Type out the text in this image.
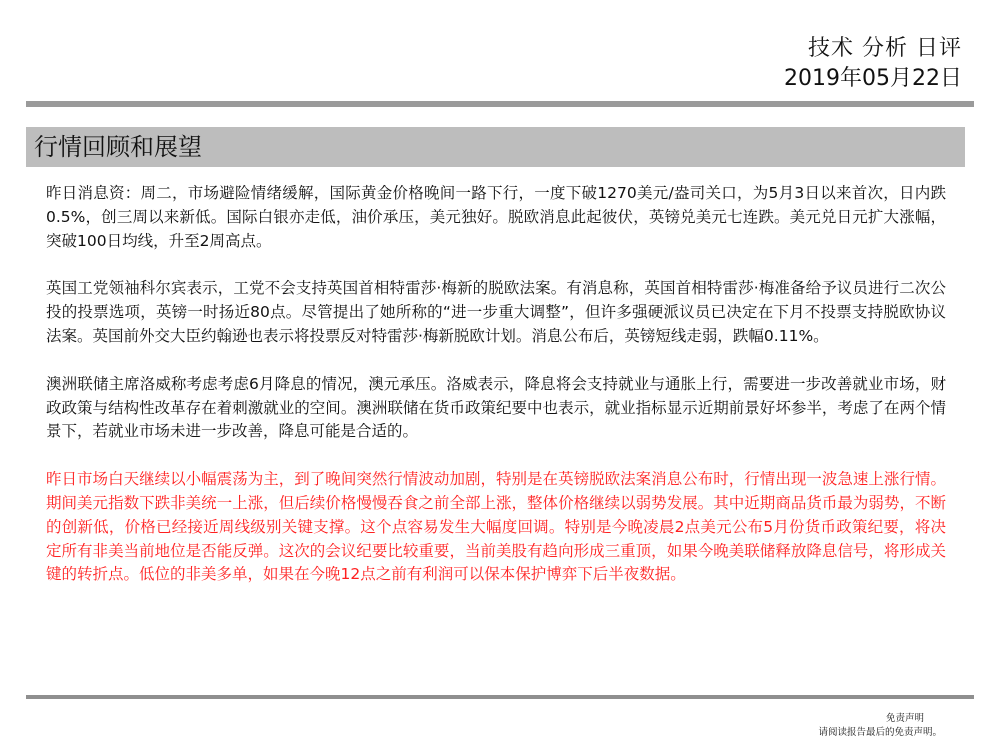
技术 分析 日评
2019年05月22日
行情回顾和展望

昨日消息资：周二，市场避险情绪缓解，国际黄金价格晚间一路下行，一度下破1270美元/盎司关口，为5月3日以来首次，日内跌0.5%，创三周以来新低。国际白银亦走低，油价承压，美元独好。脱欧消息此起彼伏，英镑兑美元七连跌。美元兑日元扩大涨幅，突破100日均线，升至2周高点。

英国工党领袖科尔宾表示，工党不会支持英国首相特雷莎·梅新的脱欧法案。有消息称，英国首相特雷莎·梅准备给予议员进行二次公投的投票选项，英镑一时扬近80点。尽管提出了她所称的“进一步重大调整”，但许多强硬派议员已决定在下月不投票支持脱欧协议法案。英国前外交大臣约翰逊也表示将投票反对特雷莎·梅新脱欧计划。消息公布后，英镑短线走弱，跌幅0.11%。

澳洲联储主席洛威称考虑考虑6月降息的情况，澳元承压。洛威表示，降息将会支持就业与通胀上行，需要进一步改善就业市场，财政政策与结构性改革存在着刺激就业的空间。澳洲联储在货币政策纪要中也表示，就业指标显示近期前景好坏参半，考虑了在两个情景下，若就业市场未进一步改善，降息可能是合适的。

昨日市场白天继续以小幅震荡为主，到了晚间突然行情波动加剧，特别是在英镑脱欧法案消息公布时，行情出现一波急速上涨行情。期间美元指数下跌非美统一上涨，但后续价格慢慢吞食之前全部上涨，整体价格继续以弱势发展。其中近期商品货币最为弱势，不断的创新低，价格已经接近周线级别关键支撑。这个点容易发生大幅度回调。特别是今晚凌晨2点美元公布5月份货币政策纪要，将决定所有非美当前地位是否能反弹。这次的会议纪要比较重要，当前美股有趋向形成三重顶，如果今晚美联储释放降息信号，将形成关键的转折点。低位的非美多单，如果在今晚12点之前有利润可以保本保护博弈下后半夜数据。

免责声明
请阅读报告最后的免责声明。
